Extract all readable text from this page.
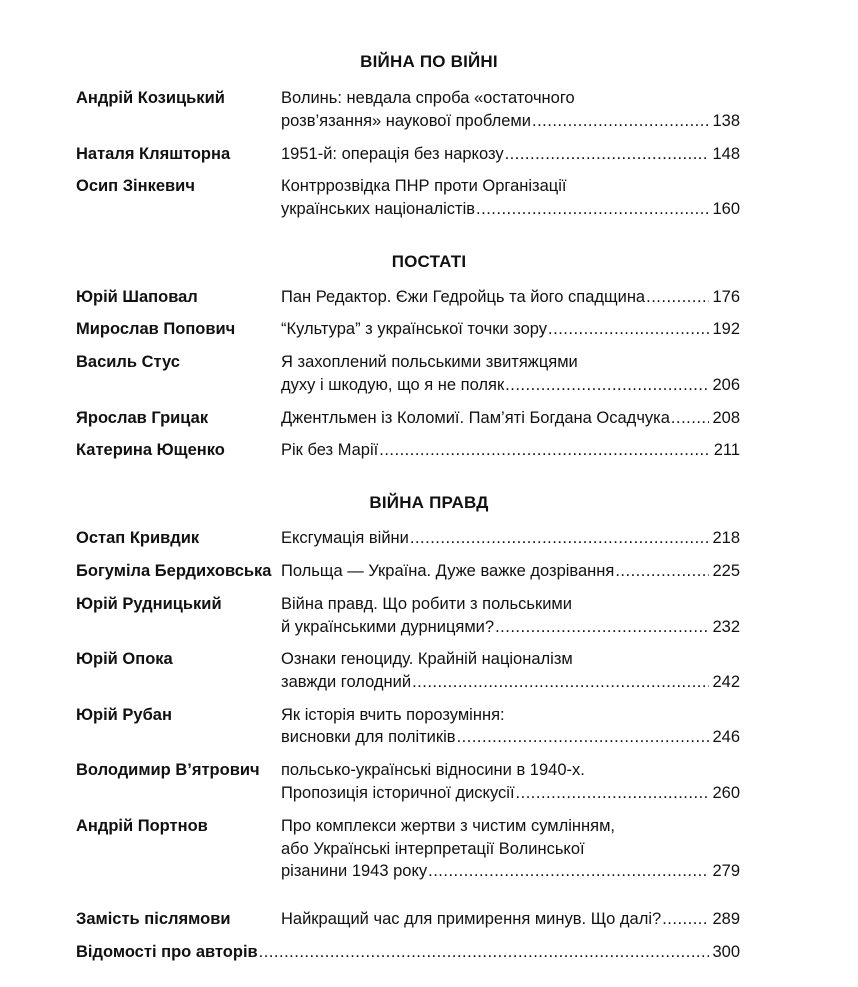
ВІЙНА ПО ВІЙНІ
Андрій Козицький	Волинь: невдала спроба «остаточного
розв’язання» наукової проблеми .....	138
Наталя Кляшторна	1951-й: операція без наркозу .....	148
Осип Зінкевич	Контррозвідка ПНР проти Організації
українських націоналістів .....	160
ПОСТАТІ
Юрій Шаповал	Пан Редактор. Єжи Гедройць та його спадщина .....	176
Мирослав Попович	“Культура” з української точки зору .....	192
Василь Стус	Я захоплений польськими звитяжцями
духу і шкодую, що я не поляк .....	206
Ярослав Грицак	Джентльмен із Коломиї. Пам’яті Богдана Осадчука .....	208
Катерина Ющенко	Рік без Марії .....	211
ВІЙНА ПРАВД
Остап Кривдик	Ексгумація війни .....	218
Богуміла Бердиховська Польща — Україна. Дуже важке дозрівання .....	225
Юрій Рудницький	Війна правд. Що робити з польськими
й українськими дурницями? .....	232
Юрій Опока	Ознаки геноциду. Крайній націоналізм
завжди голодний .....	242
Юрій Рубан	Як історія вчить порозуміння:
висновки для політиків .....	246
Володимир В’ятрович польсько-українські відносини в 1940-х.
Пропозиція історичної дискусії .....	260
Андрій Портнов	Про комплекси жертви з чистим сумлінням,
або Українські інтерпретації Волинської
різанини 1943 року .....	279
Замість післямови	Найкращий час для примирення минув. Що далі? .....	289
Відомості про авторів .....	300
